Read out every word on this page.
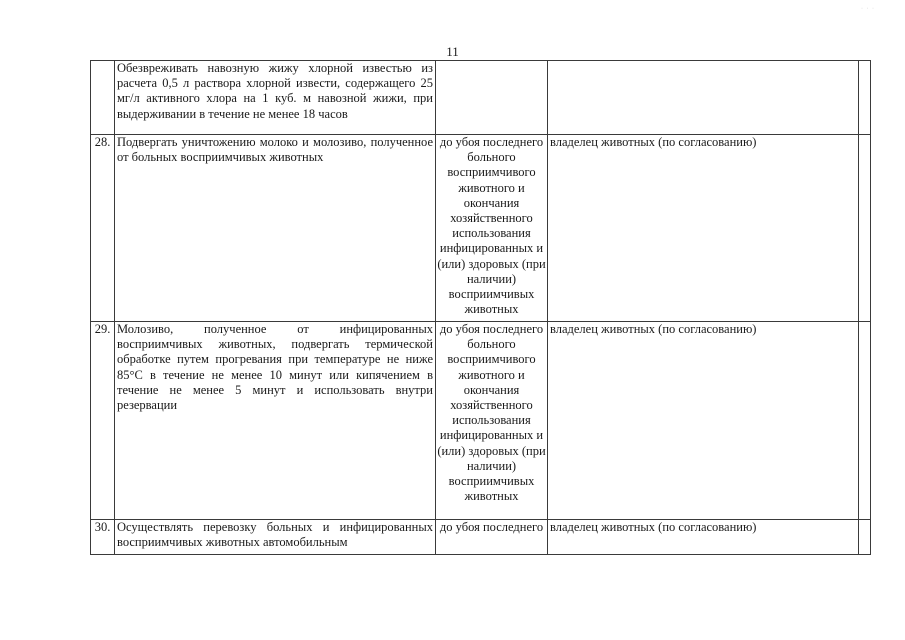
· · ·
11
	Обезвреживать навозную жижу хлорной известью из расчета 0,5 л раствора хлорной извести, содержащего 25 мг/л активного хлора на 1 куб. м навозной жижи, при выдерживании в течение не менее 18 часов			
28.	Подвергать уничтожению молоко и молозиво, полученное от больных восприимчивых животных	до убоя последнего больного восприимчивого животного и окончания хозяйственного использования инфицированных и (или) здоровых (при наличии) восприимчивых животных	владелец животных (по согласованию)	
29.	Молозиво, полученное от инфицированных восприимчивых животных, подвергать термической обработке путем прогревания при температуре не ниже 85°C в течение не менее 10 минут или кипячением в течение не менее 5 минут и использовать внутри резервации	до убоя последнего больного восприимчивого животного и окончания хозяйственного использования инфицированных и (или) здоровых (при наличии) восприимчивых животных	владелец животных (по согласованию)	
30.	Осуществлять перевозку больных и инфицированных восприимчивых животных автомобильным	до убоя последнего	владелец животных (по согласованию)	
